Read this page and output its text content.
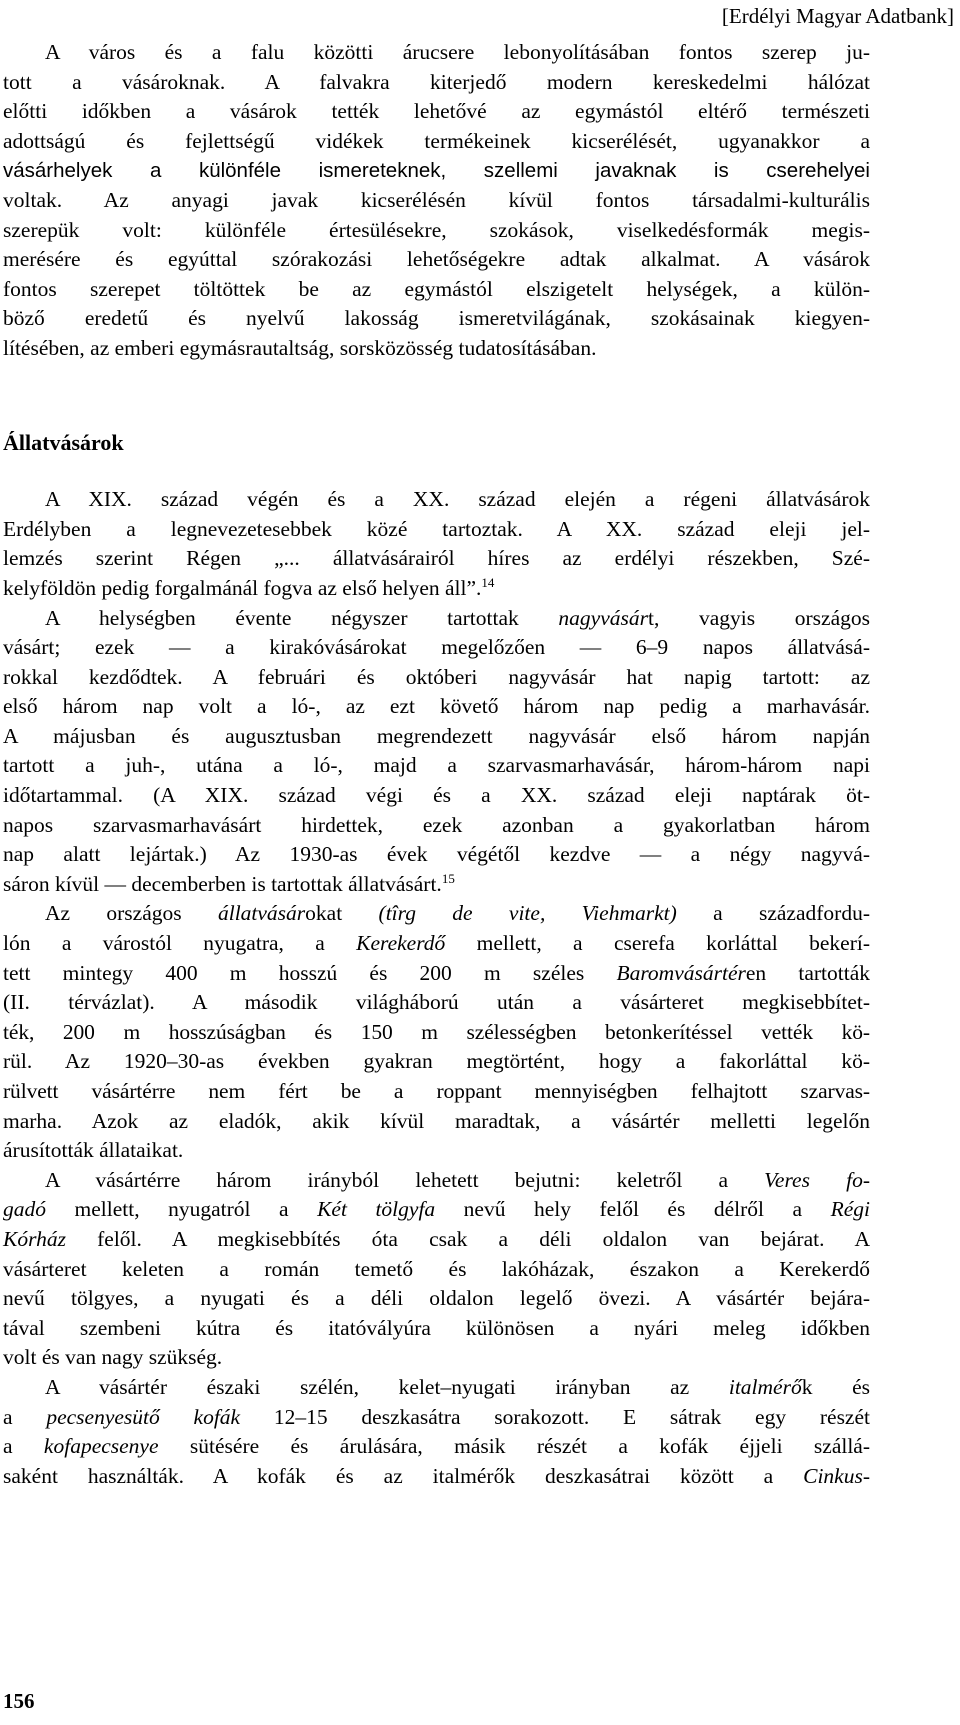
[Erdélyi Magyar Adatbank]
A város és a falu közötti árucsere lebonyolításában fontos szerep ju-
tott a vásároknak. A falvakra kiterjedő modern kereskedelmi hálózat
előtti időkben a vásárok tették lehetővé az egymástól eltérő természeti
adottságú és fejlettségű vidékek termékeinek kicserélését, ugyanakkor a
vásárhelyek a különféle ismereteknek, szellemi javaknak is cserehelyei
voltak. Az anyagi javak kicserélésén kívül fontos társadalmi-kulturális
szerepük volt: különféle értesülésekre, szokások, viselkedésformák megis-
merésére és egyúttal szórakozási lehetőségekre adtak alkalmat. A vásárok
fontos szerepet töltöttek be az egymástól elszigetelt helységek, a külön-
böző eredetű és nyelvű lakosság ismeretvilágának, szokásainak kiegyen-
lítésében, az emberi egymásrautaltság, sorsközösség tudatosításában.
Állatvásárok
A XIX. század végén és a XX. század elején a régeni állatvásárok
Erdélyben a legnevezetesebbek közé tartoztak. A XX. század eleji jel-
lemzés szerint Régen „... állatvásárairól híres az erdélyi részekben, Szé-
kelyföldön pedig forgalmánál fogva az első helyen áll”.$^{14}$
A helységben évente négyszer tartottak nagyvásárt, vagyis országos
vásárt; ezek — a kirakóvásárokat megelőzően — 6–9 napos állatvásá-
rokkal kezdődtek. A februári és októberi nagyvásár hat napig tartott: az
első három nap volt a ló-, az ezt követő három nap pedig a marhavásár.
A májusban és augusztusban megrendezett nagyvásár első három napján
tartott a juh-, utána a ló-, majd a szarvasmarhavásár, három-három napi
időtartammal. (A XIX. század végi és a XX. század eleji naptárak öt-
napos szarvasmarhavásárt hirdettek, ezek azonban a gyakorlatban három
nap alatt lejártak.) Az 1930-as évek végétől kezdve — a négy nagyvá-
sáron kívül — decemberben is tartottak állatvásárt.$^{15}$
Az országos állatvásárokat (tîrg de vite, Viehmarkt) a századfordu-
lón a várostól nyugatra, a Kerekerdő mellett, a cserefa korláttal bekerí-
tett mintegy 400 m hosszú és 200 m széles Baromvásártéren tartották
(II. térvázlat). A második világháború után a vásárteret megkisebbítet-
ték, 200 m hosszúságban és 150 m szélességben betonkerítéssel vették kö-
rül. Az 1920–30-as években gyakran megtörtént, hogy a fakorláttal kö-
rülvett vásártérre nem fért be a roppant mennyiségben felhajtott szarvas-
marha. Azok az eladók, akik kívül maradtak, a vásártér melletti legelőn
árusították állataikat.
A vásártérre három irányból lehetett bejutni: keletről a Veres fo-
gadó mellett, nyugatról a Két tölgyfa nevű hely felől és délről a Régi
Kórház felől. A megkisebbítés óta csak a déli oldalon van bejárat. A
vásárteret keleten a román temető és lakóházak, északon a Kerekerdő
nevű tölgyes, a nyugati és a déli oldalon legelő övezi. A vásártér bejára-
tával szembeni kútra és itatóvályúra különösen a nyári meleg időkben
volt és van nagy szükség.
A vásártér északi szélén, kelet–nyugati irányban az italmérők és
a pecsenyesütő kofák 12–15 deszkasátra sorakozott. E sátrak egy részét
a kofapecsenye sütésére és árulására, másik részét a kofák éjjeli szállá-
saként használták. A kofák és az italmérők deszkasátrai között a Cinkus-
156
